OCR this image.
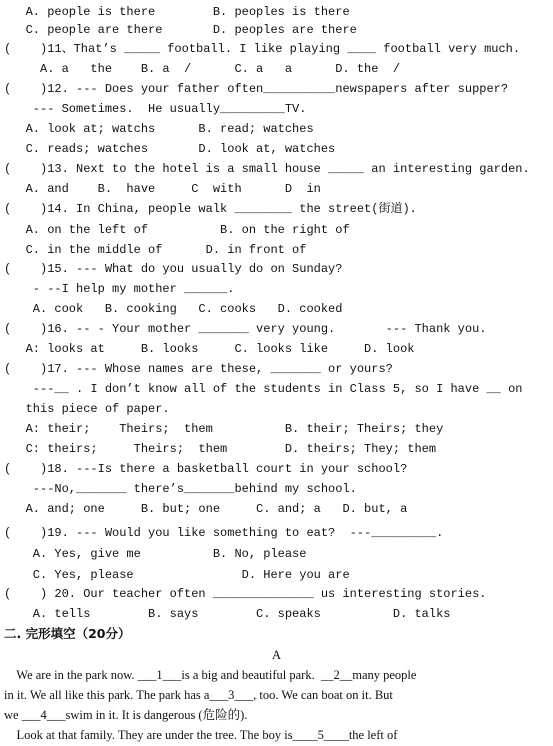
A. people is there        B. peoples is there
C. people are there       D. peoples are there
(    )11、That’s _____ football. I like playing ____ football very much.
A. a   the    B. a  /      C. a   a      D. the  /
(    )12. --- Does your father often__________newspapers after supper?
--- Sometimes.  He usually_________TV.
A. look at; watchs      B. read; watches
C. reads; watches       D. look at, watches
(    )13. Next to the hotel is a small house _____ an interesting garden.
A. and    B.  have     C  with      D  in
(    )14. In China, people walk ________ the street(街道).
A. on the left of          B. on the right of
C. in the middle of      D. in front of
(    )15. --- What do you usually do on Sunday?
- --I help my mother ______.
A. cook   B. cooking   C. cooks   D. cooked
(    )16. -- - Your mother _______ very young.       --- Thank you.
A: looks at     B. looks     C. looks like     D. look
(    )17. --- Whose names are these, _______ or yours?
---__ . I don’t know all of the students in Class 5, so I have __ on
this piece of paper.
A: their;    Theirs;  them          B. their; Theirs; they
C: theirs;     Theirs;  them        D. theirs; They; them
(    )18. ---Is there a basketball court in your school?
---No,_______ there’s_______behind my school.
A. and; one     B. but; one     C. and; a   D. but, a
(    )19. --- Would you like something to eat?  ---_________.
A. Yes, give me          B. No, please
C. Yes, please               D. Here you are
(    ) 20. Our teacher often ______________ us interesting stories.
A. tells        B. says        C. speaks          D. talks
二. 完形填空（20分）
A
We are in the park now. ___1___is a big and beautiful park.  __2__many people
in it. We all like this park. The park has a___3___, too. We can boat on it. But
we ___4___swim in it. It is dangerous (危险的).
Look at that family. They are under the tree. The boy is____5____the left of
